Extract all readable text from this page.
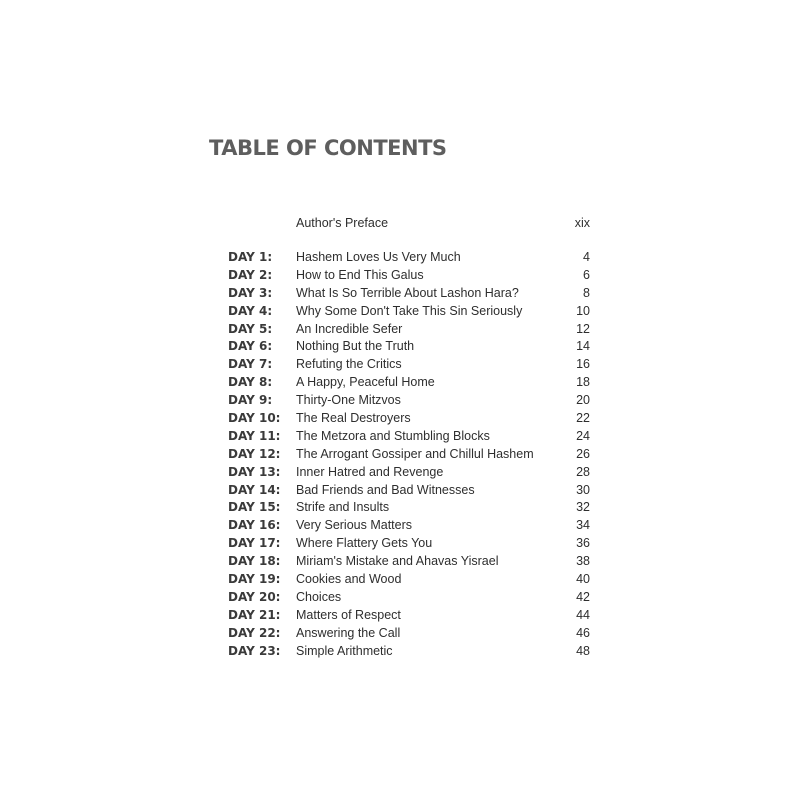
TABLE OF CONTENTS
Author's Preface	xix
DAY 1: Hashem Loves Us Very Much	4
DAY 2: How to End This Galus	6
DAY 3: What Is So Terrible About Lashon Hara?	8
DAY 4: Why Some Don't Take This Sin Seriously	10
DAY 5: An Incredible Sefer	12
DAY 6: Nothing But the Truth	14
DAY 7: Refuting the Critics	16
DAY 8: A Happy, Peaceful Home	18
DAY 9: Thirty-One Mitzvos	20
DAY 10: The Real Destroyers	22
DAY 11: The Metzora and Stumbling Blocks	24
DAY 12: The Arrogant Gossiper and Chillul Hashem	26
DAY 13: Inner Hatred and Revenge	28
DAY 14: Bad Friends and Bad Witnesses	30
DAY 15: Strife and Insults	32
DAY 16: Very Serious Matters	34
DAY 17: Where Flattery Gets You	36
DAY 18: Miriam's Mistake and Ahavas Yisrael	38
DAY 19: Cookies and Wood	40
DAY 20: Choices	42
DAY 21: Matters of Respect	44
DAY 22: Answering the Call	46
DAY 23: Simple Arithmetic	48
